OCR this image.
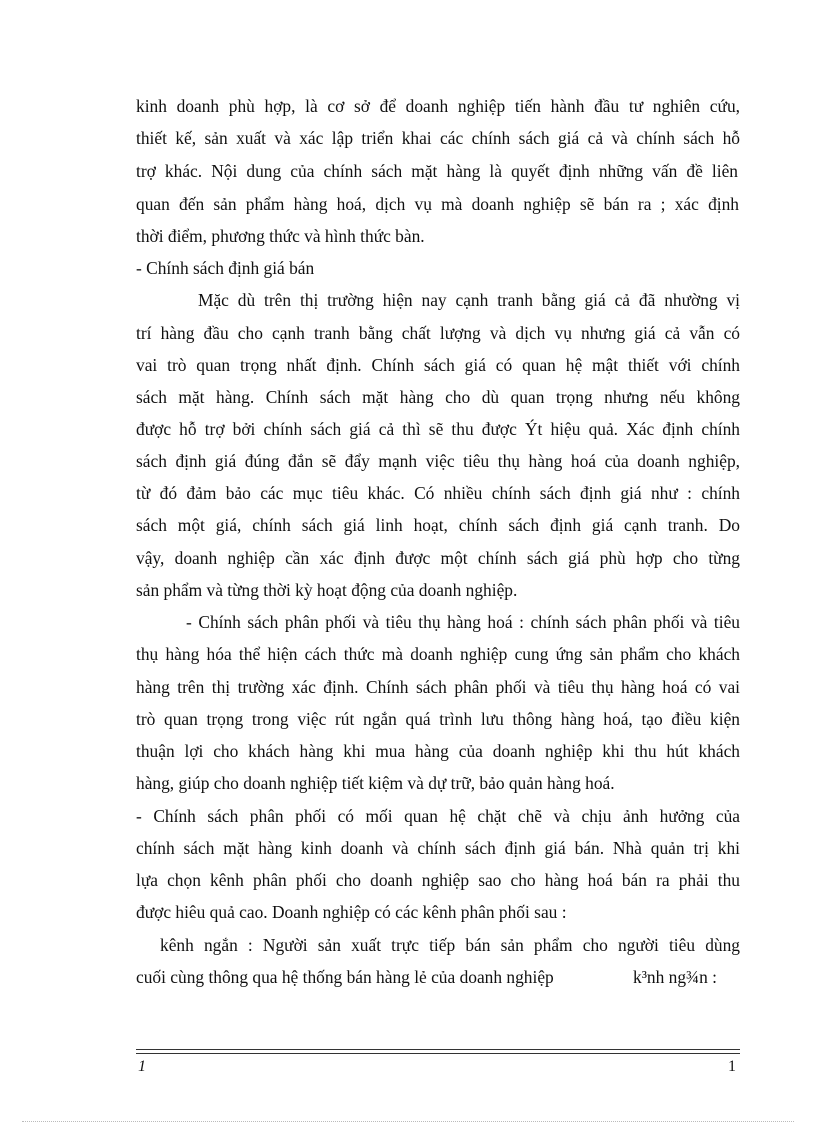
kinh doanh phù hợp, là cơ sở để doanh nghiệp tiến hành đầu tư nghiên cứu,
thiết kế, sản xuất và xác lập triển khai các chính sách giá cả và chính sách hỗ
trợ khác. Nội dung của chính sách mặt hàng là quyết định những vấn đề liên
quan đến sản phẩm hàng hoá, dịch vụ mà doanh nghiệp sẽ bán ra ; xác định
thời điểm, phương thức và hình thức bàn.
- Chính sách định giá bán
Mặc dù trên thị trường hiện nay cạnh tranh bằng giá cả đã nhường vị
trí hàng đầu cho cạnh tranh bằng chất lượng và dịch vụ nhưng giá cả vẫn có
vai trò quan trọng nhất định. Chính sách giá có quan hệ mật thiết với chính
sách mặt hàng. Chính sách mặt hàng cho dù quan trọng nhưng nếu không
được hỗ trợ bởi chính sách giá cả thì sẽ thu được Ýt hiệu quả. Xác định chính
sách định giá đúng đắn sẽ đẩy mạnh việc tiêu thụ hàng hoá của doanh nghiệp,
từ đó đảm bảo các mục tiêu khác. Có nhiều chính sách định giá như : chính
sách một giá, chính sách giá linh hoạt, chính sách định giá cạnh tranh. Do
vậy, doanh nghiệp cần xác định được một chính sách giá phù hợp cho từng
sản phẩm và từng thời kỳ hoạt động của doanh nghiệp.
- Chính sách phân phối và tiêu thụ hàng hoá : chính sách phân phối và tiêu
thụ hàng hóa thể hiện cách thức mà doanh nghiệp cung ứng sản phẩm cho khách
hàng trên thị trường xác định. Chính sách phân phối và tiêu thụ hàng hoá có vai
trò quan trọng trong việc rút ngắn quá trình lưu thông hàng hoá, tạo điều kiện
thuận lợi cho khách hàng khi mua hàng của doanh nghiệp khi thu hút khách
hàng, giúp cho doanh nghiệp tiết kiệm và dự trữ, bảo quản hàng hoá.
- Chính sách phân phối có mối quan hệ chặt chẽ và chịu ảnh hưởng của
chính sách mặt hàng kinh doanh và chính sách định giá bán. Nhà quản trị khi
lựa chọn kênh phân phối cho doanh nghiệp sao cho hàng hoá bán ra phải thu
được hiêu quả cao. Doanh nghiệp có các kênh phân phối sau :
kênh ngắn : Người sản xuất trực tiếp bán sản phẩm cho người tiêu dùng
cuối cùng thông qua hệ thống bán hàng lẻ của doanh nghiệp	k³nh ng¾n :
1	1
